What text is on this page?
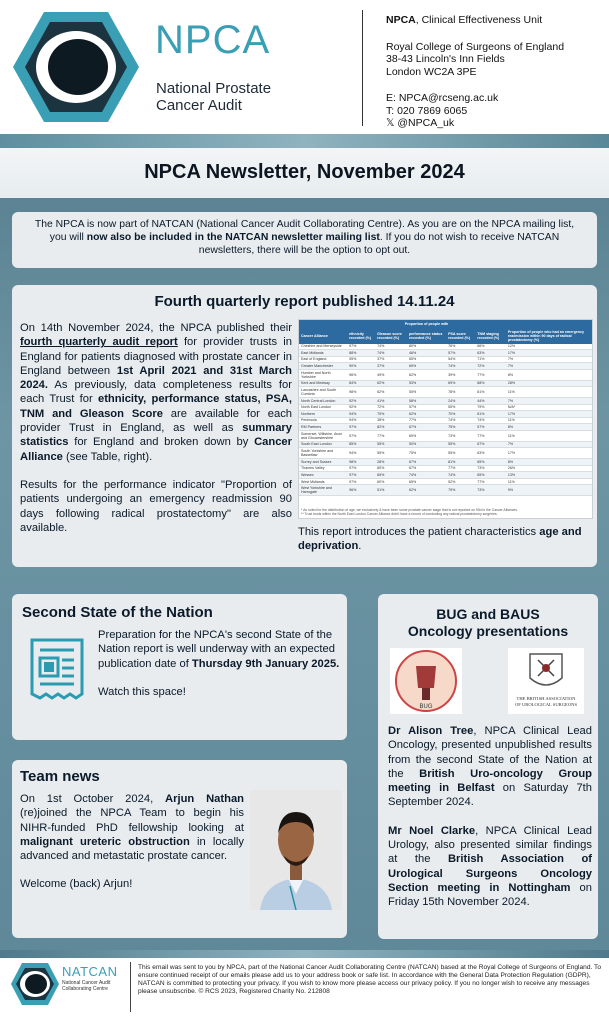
NPCA
National Prostate
Cancer Audit
NPCA, Clinical Effectiveness Unit
Royal College of Surgeons of England
38-43 Lincoln's Inn Fields
London WC2A 3PE
E: NPCA@rcseng.ac.uk
T: 020 7869 6065
𝕏 @NPCA_uk
NPCA Newsletter, November 2024
The NPCA is now part of NATCAN (National Cancer Audit Collaborating Centre). As you are on the NPCA mailing list, you will now also be included in the NATCAN newsletter mailing list. If you do not wish to receive NATCAN newsletters, there will be the option to opt out.
Fourth quarterly report published 14.11.24

On 14th November 2024, the NPCA published their fourth quarterly audit report for provider trusts in England for patients diagnosed with prostate cancer in England between 1st April 2021 and 31st March 2024. As previously, data completeness results for each Trust for ethnicity, performance status, PSA, TNM and Gleason Score are available for each provider Trust in England, as well as summary statistics for England and broken down by Cancer Alliance (see Table, right).

Results for the performance indicator "Proportion of patients undergoing an emergency readmission 90 days following radical prostatectomy" are also available.

	Proportion of people with					
Cancer Alliance	ethnicity recorded (%)	Gleason score recorded (%)	performance status recorded (%)	PSA score recorded (%)	TNM staging recorded (%)	Proportion of people who had an emergency readmission within 90 days of radical prostatectomy (%)
Cheshire and Merseyside	97%	74%	80%	76%	66%	12%
East Midlands	88%	74%	46%	57%	63%	17%
East of England	95%	37%	65%	54%	71%	7%
Greater Manchester	90%	37%	69%	74%	72%	7%
Humber and North Yorkshire	96%	49%	62%	39%	77%	8%
Kent and Medway	84%	62%	53%	69%	68%	28%
Lancashire and South Cumbria	98%	62%	55%	78%	81%	11%
North Central London	92%	41%	58%	24%	44%	7%
North East London	92%	72%	57%	55%	79%	N/A*
Northern	94%	75%	62%	70%	61%	17%
Peninsula	94%	38%	77%	74%	74%	11%
RM Partners	97%	82%	67%	75%	57%	8%
Somerset, Wiltshire, Avon and Gloucestershire	97%	77%	69%	73%	77%	11%
South East London	85%	55%	50%	55%	67%	7%
South Yorkshire and Bassetlaw	94%	55%	75%	55%	63%	17%
Surrey and Sussex	98%	28%	67%	81%	65%	8%
Thames Valley	97%	80%	67%	77%	73%	26%
Wessex	97%	65%	74%	74%	65%	13%
West Midlands	97%	60%	65%	52%	77%	11%
West Yorkshire and Harrogate	96%	51%	62%	79%	73%	9%
* As noted for the distribution of age, we exclusively & have been some prostate cancer stage that is not reported on 90d in the Cancer Alliances.
** Trust trusts within the North East London Cancer Alliance didn't have a record of conducting any radical prostatectomy surgeries.
This report introduces the patient characteristics age and deprivation.
Second State of the Nation

Preparation for the NPCA's second State of the Nation report is well underway with an expected publication date of Thursday 9th January 2025.

Watch this space!

Team news

On 1st October 2024, Arjun Nathan (re)joined the NPCA Team to begin his NIHR-funded PhD fellowship looking at malignant ureteric obstruction in locally advanced and metastatic prostate cancer.

Welcome (back) Arjun!

BUG and BAUS
Oncology presentations
BUG
THE BRITISH ASSOCIATION
OF UROLOGICAL SURGEONS

Dr Alison Tree, NPCA Clinical Lead Oncology, presented unpublished results from the second State of the Nation at the British Uro-oncology Group meeting in Belfast on Saturday 7th September 2024.

Mr Noel Clarke, NPCA Clinical Lead Urology, also presented similar findings at the British Association of Urological Surgeons Oncology Section meeting in Nottingham on Friday 15th November 2024.

NATCAN
National Cancer Audit
Collaborating Centre
This email was sent to you by NPCA, part of the National Cancer Audit Collaborating Centre (NATCAN) based at the Royal College of Surgeons of England. To ensure continued receipt of our emails please add us to your address book or safe list. In accordance with the General Data Protection Regulation (GDPR), NATCAN is committed to protecting your privacy. If you wish to know more please access our privacy policy. If you no longer wish to receive any messages please unsubscribe. © RCS 2023, Registered Charity No. 212808
